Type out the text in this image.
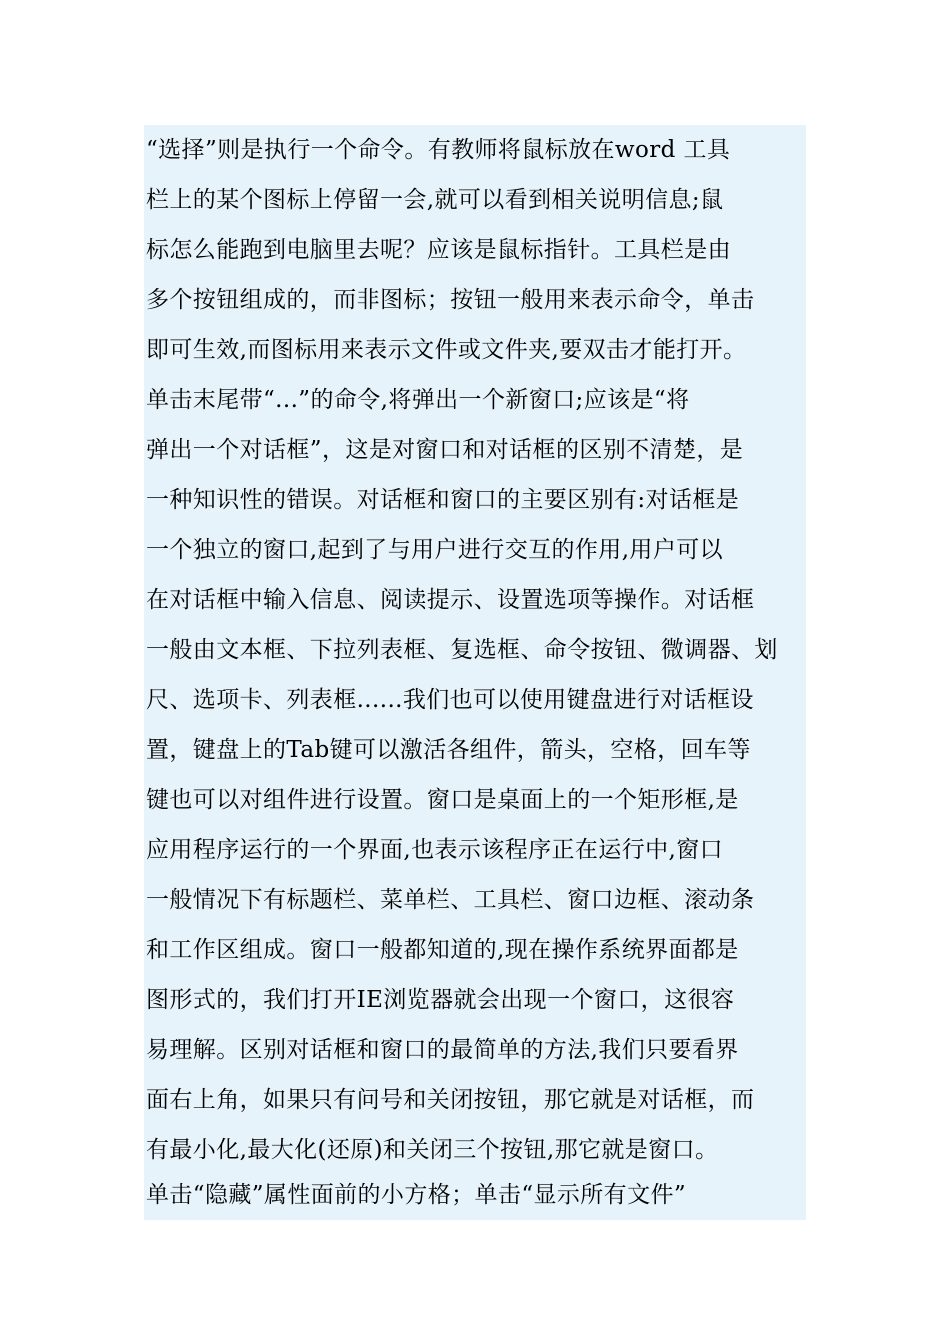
“选择”则是执行一个命令。有教师将鼠标放在word 工具
栏上的某个图标上停留一会,就可以看到相关说明信息;鼠
标怎么能跑到电脑里去呢？应该是鼠标指针。工具栏是由
多个按钮组成的，而非图标；按钮一般用来表示命令，单击
即可生效,而图标用来表示文件或文件夹,要双击才能打开。
单击末尾带“...”的命令,将弹出一个新窗口;应该是“将
弹出一个对话框”，这是对窗口和对话框的区别不清楚，是
一种知识性的错误。对话框和窗口的主要区别有:对话框是
一个独立的窗口,起到了与用户进行交互的作用,用户可以
在对话框中输入信息、阅读提示、设置选项等操作。对话框
一般由文本框、下拉列表框、复选框、命令按钮、微调器、划
尺、选项卡、列表框......我们也可以使用键盘进行对话框设
置，键盘上的Tab键可以激活各组件，箭头，空格，回车等
键也可以对组件进行设置。窗口是桌面上的一个矩形框,是
应用程序运行的一个界面,也表示该程序正在运行中,窗口
一般情况下有标题栏、菜单栏、工具栏、窗口边框、滚动条
和工作区组成。窗口一般都知道的,现在操作系统界面都是
图形式的，我们打开IE浏览器就会出现一个窗口，这很容
易理解。区别对话框和窗口的最简单的方法,我们只要看界
面右上角，如果只有问号和关闭按钮，那它就是对话框，而
有最小化,最大化(还原)和关闭三个按钮,那它就是窗口。
单击“隐藏”属性面前的小方格；单击“显示所有文件”
